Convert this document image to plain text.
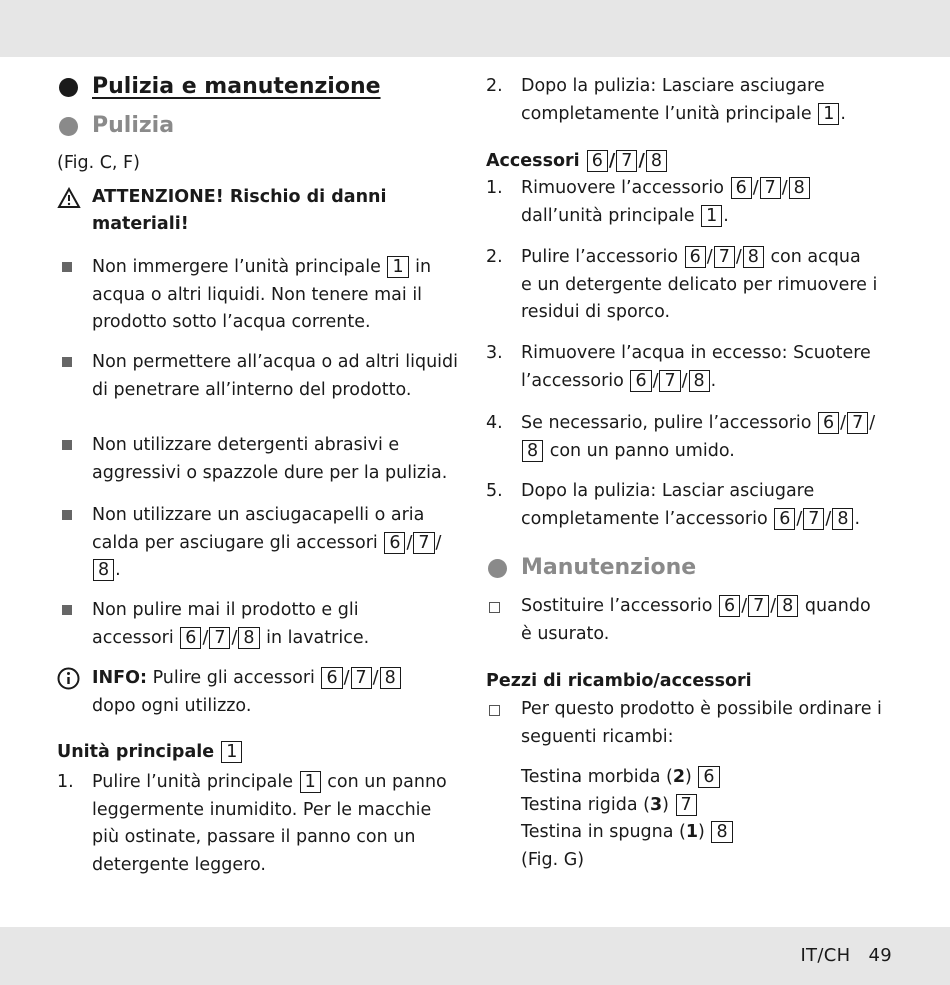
Pulizia e manutenzione
Pulizia
(Fig. C, F)
ATTENZIONE! Rischio di danni
materiali!
Non immergere l’unità principale 1 in
acqua o altri liquidi. Non tenere mai il
prodotto sotto l’acqua corrente.
Non permettere all’acqua o ad altri liquidi
di penetrare all’interno del prodotto.
Non utilizzare detergenti abrasivi e
aggressivi o spazzole dure per la pulizia.
Non utilizzare un asciugacapelli o aria
calda per asciugare gli accessori 6 / 7 /
8 .
Non pulire mai il prodotto e gli
accessori 6 / 7 / 8 in lavatrice.
INFO: Pulire gli accessori 6 / 7 / 8
dopo ogni utilizzo.
Unità principale 1
1. Pulire l’unità principale 1 con un panno
leggermente inumidito. Per le macchie
più ostinate, passare il panno con un
detergente leggero.
2. Dopo la pulizia: Lasciare asciugare
completamente l’unità principale 1 .
Accessori 6 / 7 / 8
1. Rimuovere l’accessorio 6 / 7 / 8
dall’unità principale 1 .
2. Pulire l’accessorio 6 / 7 / 8 con acqua
e un detergente delicato per rimuovere i
residui di sporco.
3. Rimuovere l’acqua in eccesso: Scuotere
l’accessorio 6 / 7 / 8 .
4. Se necessario, pulire l’accessorio 6 / 7 /
8 con un panno umido.
5. Dopo la pulizia: Lasciar asciugare
completamente l’accessorio 6 / 7 / 8 .
Manutenzione
Sostituire l’accessorio 6 / 7 / 8 quando
è usurato.
Pezzi di ricambio/accessori
Per questo prodotto è possibile ordinare i
seguenti ricambi:
Testina morbida (2) 6
Testina rigida (3) 7
Testina in spugna (1) 8
(Fig. G)
IT/CH   49
